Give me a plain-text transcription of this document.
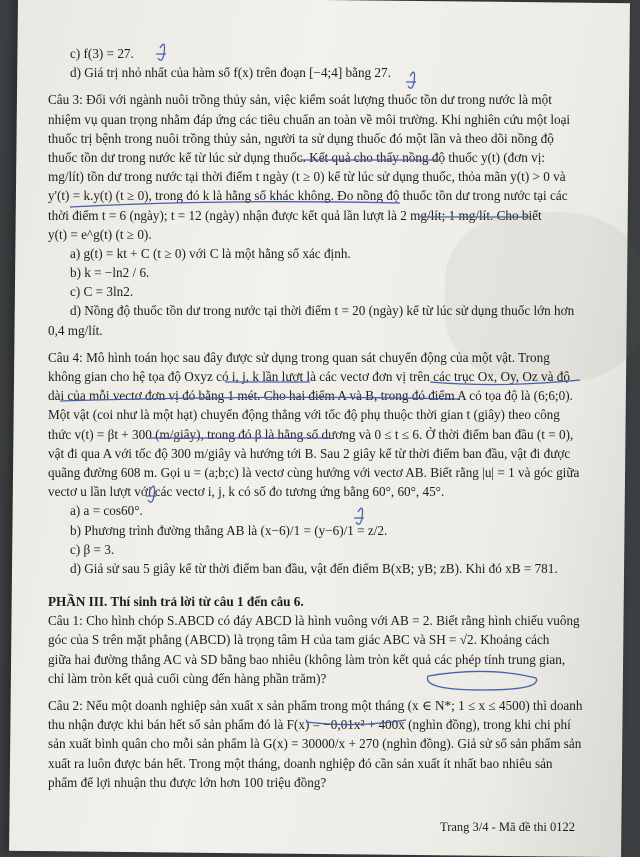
c) f(3) = 27.
d) Giá trị nhỏ nhất của hàm số f(x) trên đoạn [−4;4] bằng 27.
Câu 3: Đối với ngành nuôi trồng thủy sản, việc kiểm soát lượng thuốc tồn dư trong nước là một
nhiệm vụ quan trọng nhằm đáp ứng các tiêu chuẩn an toàn về môi trường. Khi nghiên cứu một loại
thuốc trị bệnh trong nuôi trồng thủy sản, người ta sử dụng thuốc đó một lần và theo dõi nồng độ
thuốc tồn dư trong nước kể từ lúc sử dụng thuốc. Kết quả cho thấy nồng độ thuốc y(t) (đơn vị:
mg/lít) tồn dư trong nước tại thời điểm t ngày (t ≥ 0) kể từ lúc sử dụng thuốc, thỏa mãn y(t) > 0 và
y'(t) = k.y(t) (t ≥ 0), trong đó k là hằng số khác không. Đo nồng độ thuốc tồn dư trong nước tại các
thời điểm t = 6 (ngày); t = 12 (ngày) nhận được kết quả lần lượt là 2 mg/lít; 1 mg/lít. Cho biết
y(t) = e^g(t) (t ≥ 0).
a) g(t) = kt + C (t ≥ 0) với C là một hằng số xác định.
b) k = −ln2 / 6.
c) C = 3ln2.
d) Nồng độ thuốc tồn dư trong nước tại thời điểm t = 20 (ngày) kể từ lúc sử dụng thuốc lớn hơn
0,4 mg/lít.
Câu 4: Mô hình toán học sau đây được sử dụng trong quan sát chuyển động của một vật. Trong
không gian cho hệ tọa độ Oxyz có i, j, k lần lượt là các vectơ đơn vị trên các trục Ox, Oy, Oz và độ
dài của mỗi vectơ đơn vị đó bằng 1 mét. Cho hai điểm A và B, trong đó điểm A có tọa độ là (6;6;0).
Một vật (coi như là một hạt) chuyển động thẳng với tốc độ phụ thuộc thời gian t (giây) theo công
thức v(t) = βt + 300 (m/giây), trong đó β là hằng số dương và 0 ≤ t ≤ 6. Ở thời điểm ban đầu (t = 0),
vật đi qua A với tốc độ 300 m/giây và hướng tới B. Sau 2 giây kể từ thời điểm ban đầu, vật đi được
quãng đường 608 m. Gọi u = (a;b;c) là vectơ cùng hướng với vectơ AB. Biết rằng |u| = 1 và góc giữa
vectơ u lần lượt với các vectơ i, j, k có số đo tương ứng bằng 60°, 60°, 45°.
a) a = cos60°.
b) Phương trình đường thẳng AB là (x−6)/1 = (y−6)/1 = z/2.
c) β = 3.
d) Giả sử sau 5 giây kể từ thời điểm ban đầu, vật đến điểm B(xB; yB; zB). Khi đó xB = 781.
PHẦN III. Thí sinh trả lời từ câu 1 đến câu 6.
Câu 1: Cho hình chóp S.ABCD có đáy ABCD là hình vuông với AB = 2. Biết rằng hình chiếu vuông
góc của S trên mặt phẳng (ABCD) là trọng tâm H của tam giác ABC và SH = √2. Khoảng cách
giữa hai đường thẳng AC và SD bằng bao nhiêu (không làm tròn kết quả các phép tính trung gian,
chỉ làm tròn kết quả cuối cùng đến hàng phần trăm)?
Câu 2: Nếu một doanh nghiệp sản xuất x sản phẩm trong một tháng (x ∈ N*; 1 ≤ x ≤ 4500) thì doanh
thu nhận được khi bán hết số sản phẩm đó là F(x) = −0,01x² + 400x (nghìn đồng), trong khi chi phí
sản xuất bình quân cho mỗi sản phẩm là G(x) = 30000/x + 270 (nghìn đồng). Giả sử số sản phẩm sản
xuất ra luôn được bán hết. Trong một tháng, doanh nghiệp đó cần sản xuất ít nhất bao nhiêu sản
phẩm để lợi nhuận thu được lớn hơn 100 triệu đồng?
Trang 3/4 - Mã đề thi 0122
